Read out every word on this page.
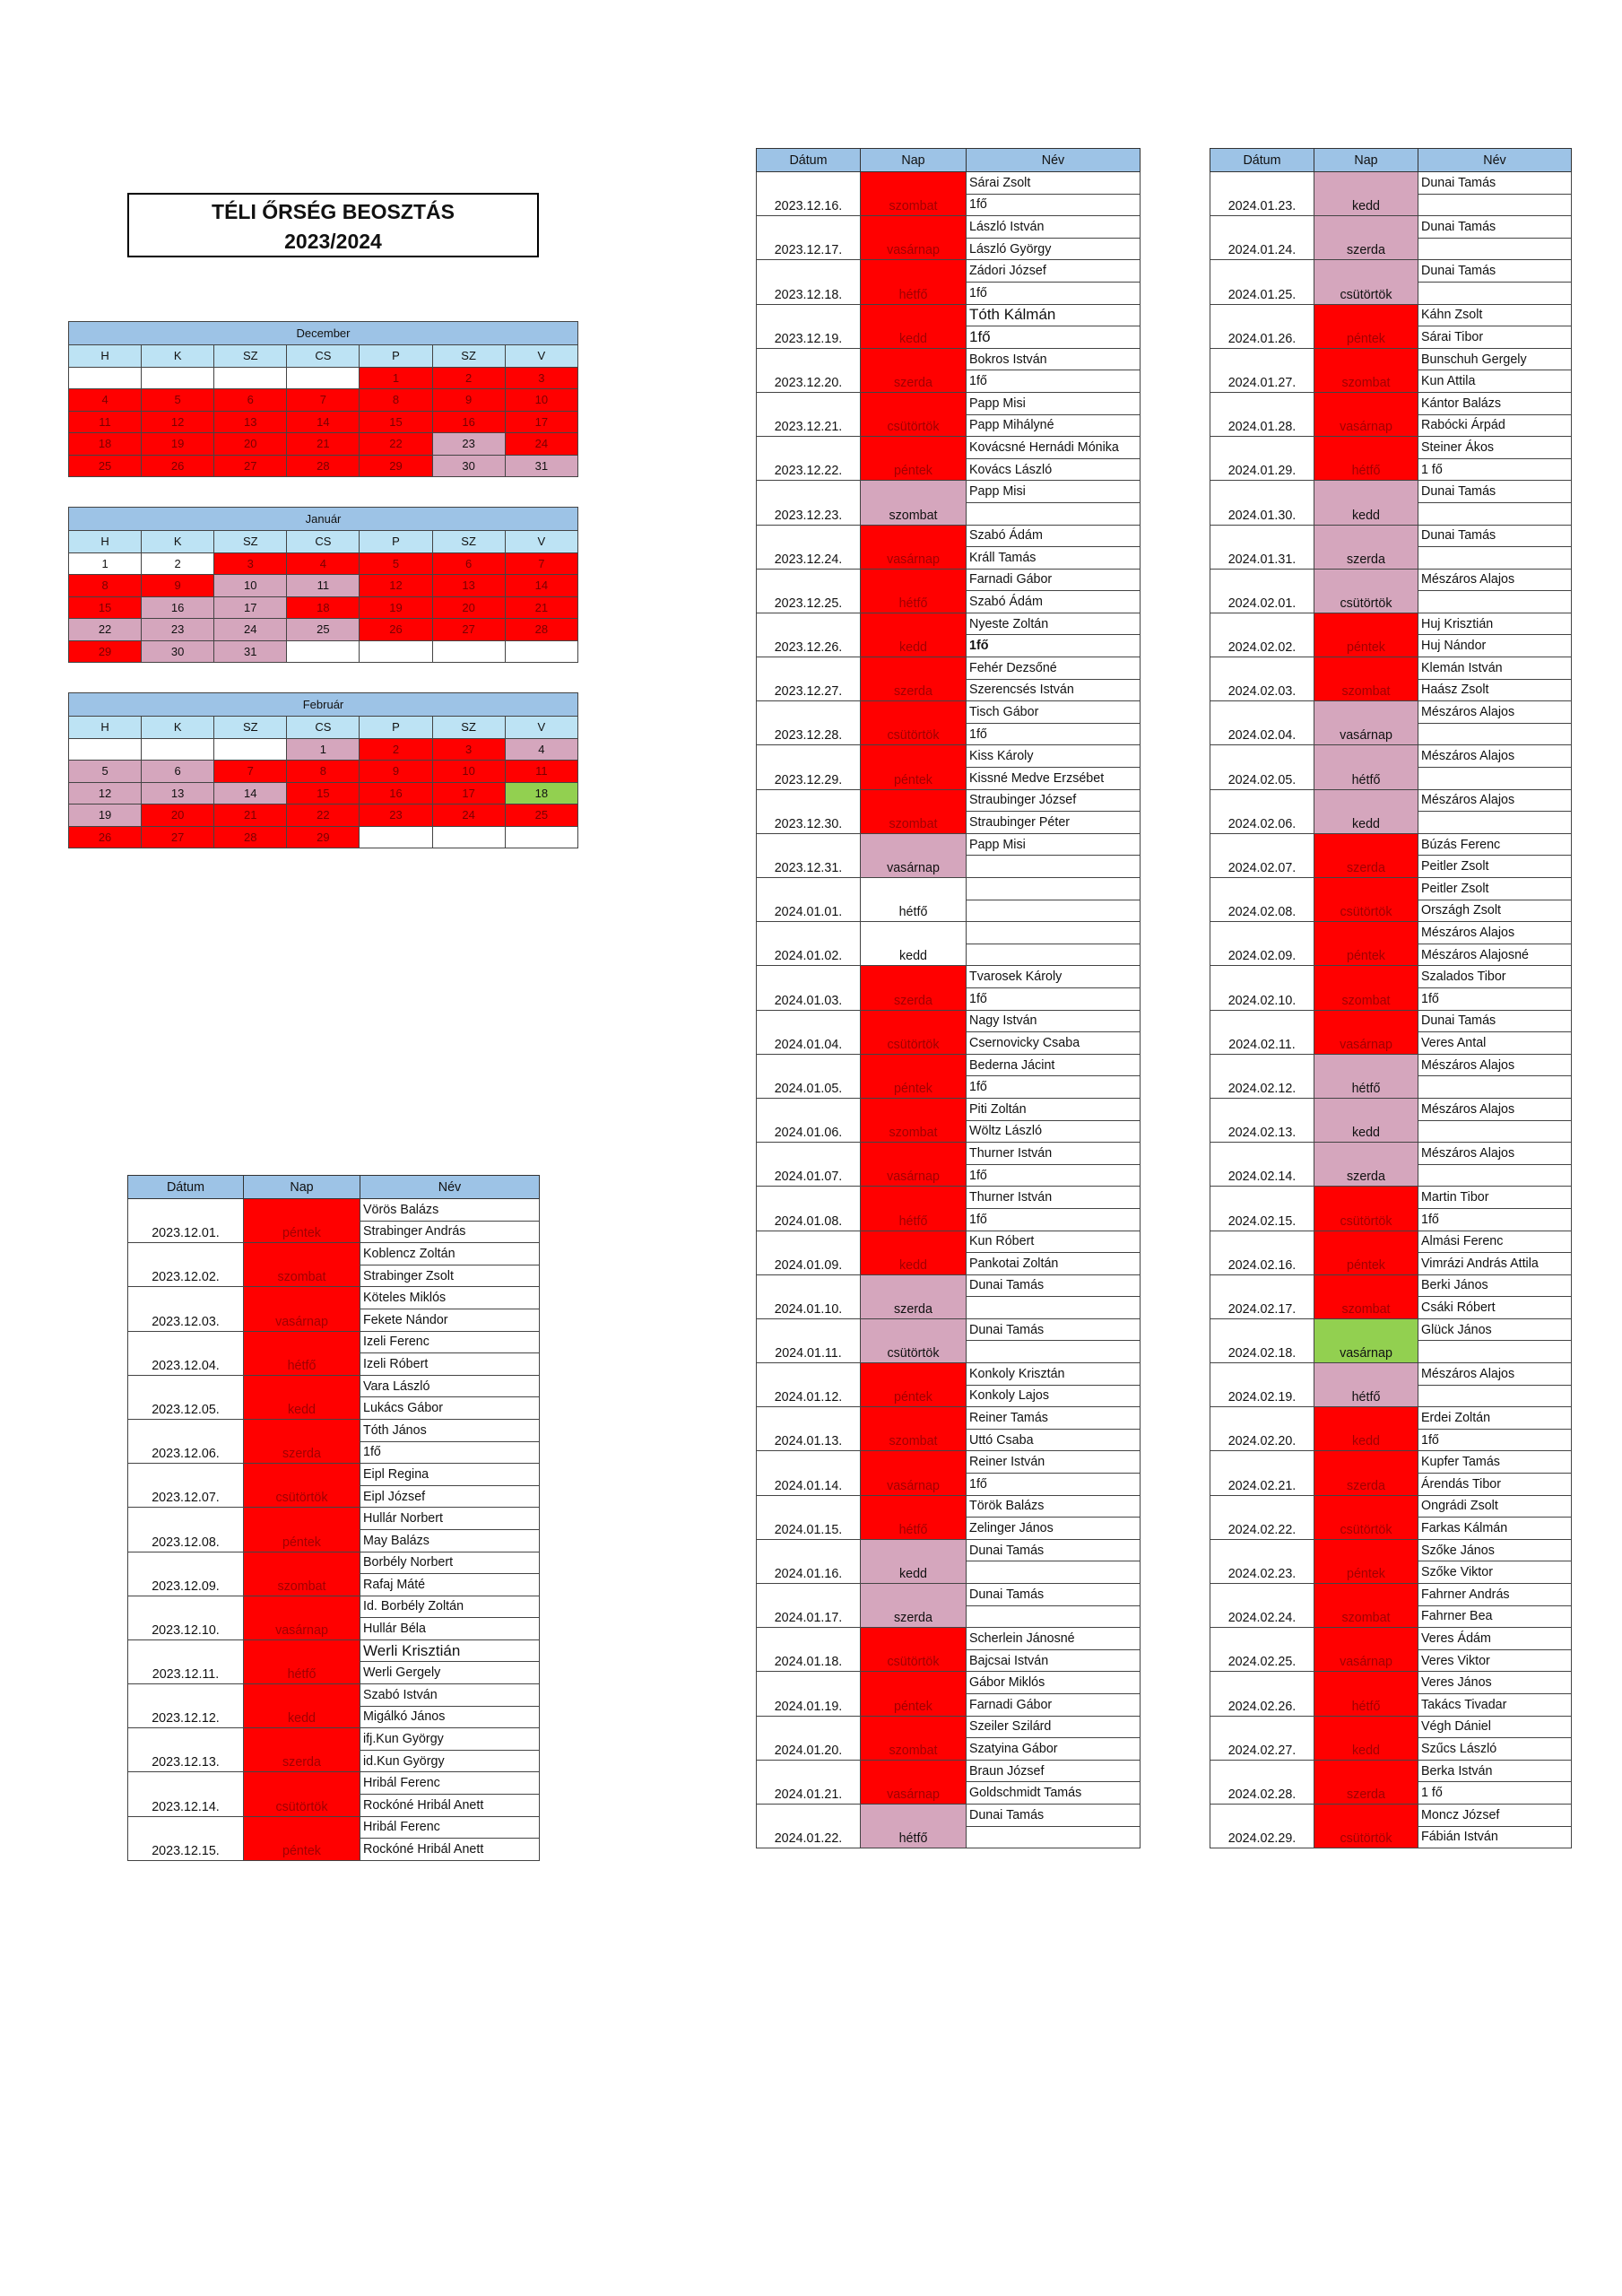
TÉLI ŐRSÉG BEOSZTÁS
2023/2024
December						
H	K	SZ	CS	P	SZ	V
				1	2	3
4	5	6	7	8	9	10
11	12	13	14	15	16	17
18	19	20	21	22	23	24
25	26	27	28	29	30	31
Január						
H	K	SZ	CS	P	SZ	V
1	2	3	4	5	6	7
8	9	10	11	12	13	14
15	16	17	18	19	20	21
22	23	24	25	26	27	28
29	30	31				
Február						
H	K	SZ	CS	P	SZ	V
			1	2	3	4
5	6	7	8	9	10	11
12	13	14	15	16	17	18
19	20	21	22	23	24	25
26	27	28	29			
Dátum	Nap	Név
2023.12.01.	péntek	Vörös Balázs
		Strabinger András
2023.12.02.	szombat	Koblencz Zoltán
		Strabinger Zsolt
2023.12.03.	vasárnap	Köteles Miklós
		Fekete Nándor
2023.12.04.	hétfő	Izeli Ferenc
		Izeli Róbert
2023.12.05.	kedd	Vara László
		Lukács Gábor
2023.12.06.	szerda	Tóth János
		1fő
2023.12.07.	csütörtök	Eipl Regina
		Eipl József
2023.12.08.	péntek	Hullár Norbert
		May Balázs
2023.12.09.	szombat	Borbély Norbert
		Rafaj Máté
2023.12.10.	vasárnap	Id. Borbély Zoltán
		Hullár Béla
2023.12.11.	hétfő	Werli Krisztián
		Werli Gergely
2023.12.12.	kedd	Szabó István
		Migálkó János
2023.12.13.	szerda	ifj.Kun György
		id.Kun György
2023.12.14.	csütörtök	Hribál Ferenc
		Rockóné Hribál Anett
2023.12.15.	péntek	Hribál Ferenc
		Rockóné Hribál Anett
Dátum	Nap	Név
2023.12.16.	szombat	Sárai Zsolt
		1fő
2023.12.17.	vasárnap	László István
		László György
2023.12.18.	hétfő	Zádori József
		1fő
2023.12.19.	kedd	Tóth Kálmán
		1fő
2023.12.20.	szerda	Bokros István
		1fő
2023.12.21.	csütörtök	Papp Misi
		Papp Mihályné
2023.12.22.	péntek	Kovácsné Hernádi Mónika
		Kovács László
2023.12.23.	szombat	Papp Misi

2023.12.24.	vasárnap	Szabó Ádám
		Králl Tamás
2023.12.25.	hétfő	Farnadi Gábor
		Szabó Ádám
2023.12.26.	kedd	Nyeste Zoltán
		1fő
2023.12.27.	szerda	Fehér Dezsőné
		Szerencsés István
2023.12.28.	csütörtök	Tisch Gábor
		1fő
2023.12.29.	péntek	Kiss Károly
		Kissné Medve Erzsébet
2023.12.30.	szombat	Straubinger József
		Straubinger Péter
2023.12.31.	vasárnap	Papp Misi

2024.01.01.	hétfő	

2024.01.02.	kedd	

2024.01.03.	szerda	Tvarosek Károly
		1fő
2024.01.04.	csütörtök	Nagy István
		Csernovicky Csaba
2024.01.05.	péntek	Bederna Jácint
		1fő
2024.01.06.	szombat	Piti Zoltán
		Wöltz László
2024.01.07.	vasárnap	Thurner István
		1fő
2024.01.08.	hétfő	Thurner István
		1fő
2024.01.09.	kedd	Kun Róbert
		Pankotai Zoltán
2024.01.10.	szerda	Dunai Tamás

2024.01.11.	csütörtök	Dunai Tamás

2024.01.12.	péntek	Konkoly Krisztán
		Konkoly Lajos
2024.01.13.	szombat	Reiner Tamás
		Uttó Csaba
2024.01.14.	vasárnap	Reiner István
		1fő
2024.01.15.	hétfő	Török Balázs
		Zelinger János
2024.01.16.	kedd	Dunai Tamás

2024.01.17.	szerda	Dunai Tamás

2024.01.18.	csütörtök	Scherlein Jánosné
		Bajcsai István
2024.01.19.	péntek	Gábor Miklós
		Farnadi Gábor
2024.01.20.	szombat	Szeiler Szilárd
		Szatyina Gábor
2024.01.21.	vasárnap	Braun József
		Goldschmidt Tamás
2024.01.22.	hétfő	Dunai Tamás

Dátum	Nap	Név
2024.01.23.	kedd	Dunai Tamás

2024.01.24.	szerda	Dunai Tamás

2024.01.25.	csütörtök	Dunai Tamás

2024.01.26.	péntek	Káhn Zsolt
		Sárai Tibor
2024.01.27.	szombat	Bunschuh Gergely
		Kun Attila
2024.01.28.	vasárnap	Kántor Balázs
		Rabócki Árpád
2024.01.29.	hétfő	Steiner Ákos
		1 fő
2024.01.30.	kedd	Dunai Tamás

2024.01.31.	szerda	Dunai Tamás

2024.02.01.	csütörtök	Mészáros Alajos

2024.02.02.	péntek	Huj Krisztián
		Huj Nándor
2024.02.03.	szombat	Klemán István
		Haász Zsolt
2024.02.04.	vasárnap	Mészáros Alajos

2024.02.05.	hétfő	Mészáros Alajos

2024.02.06.	kedd	Mészáros Alajos

2024.02.07.	szerda	Búzás Ferenc
		Peitler Zsolt
2024.02.08.	csütörtök	Peitler Zsolt
		Országh Zsolt
2024.02.09.	péntek	Mészáros Alajos
		Mészáros Alajosné
2024.02.10.	szombat	Szalados Tibor
		1fő
2024.02.11.	vasárnap	Dunai Tamás
		Veres Antal
2024.02.12.	hétfő	Mészáros Alajos

2024.02.13.	kedd	Mészáros Alajos

2024.02.14.	szerda	Mészáros Alajos

2024.02.15.	csütörtök	Martin Tibor
		1fő
2024.02.16.	péntek	Almási Ferenc
		Vimrázi András Attila
2024.02.17.	szombat	Berki János
		Csáki Róbert
2024.02.18.	vasárnap	Glück János

2024.02.19.	hétfő	Mészáros Alajos

2024.02.20.	kedd	Erdei Zoltán
		1fő
2024.02.21.	szerda	Kupfer Tamás
		Árendás Tibor
2024.02.22.	csütörtök	Ongrádi Zsolt
		Farkas Kálmán
2024.02.23.	péntek	Szőke János
		Szőke Viktor
2024.02.24.	szombat	Fahrner András
		Fahrner Bea
2024.02.25.	vasárnap	Veres Ádám
		Veres Viktor
2024.02.26.	hétfő	Veres János
		Takács Tivadar
2024.02.27.	kedd	Végh Dániel
		Szűcs László
2024.02.28.	szerda	Berka István
		1 fő
2024.02.29.	csütörtök	Moncz József
		Fábián István
